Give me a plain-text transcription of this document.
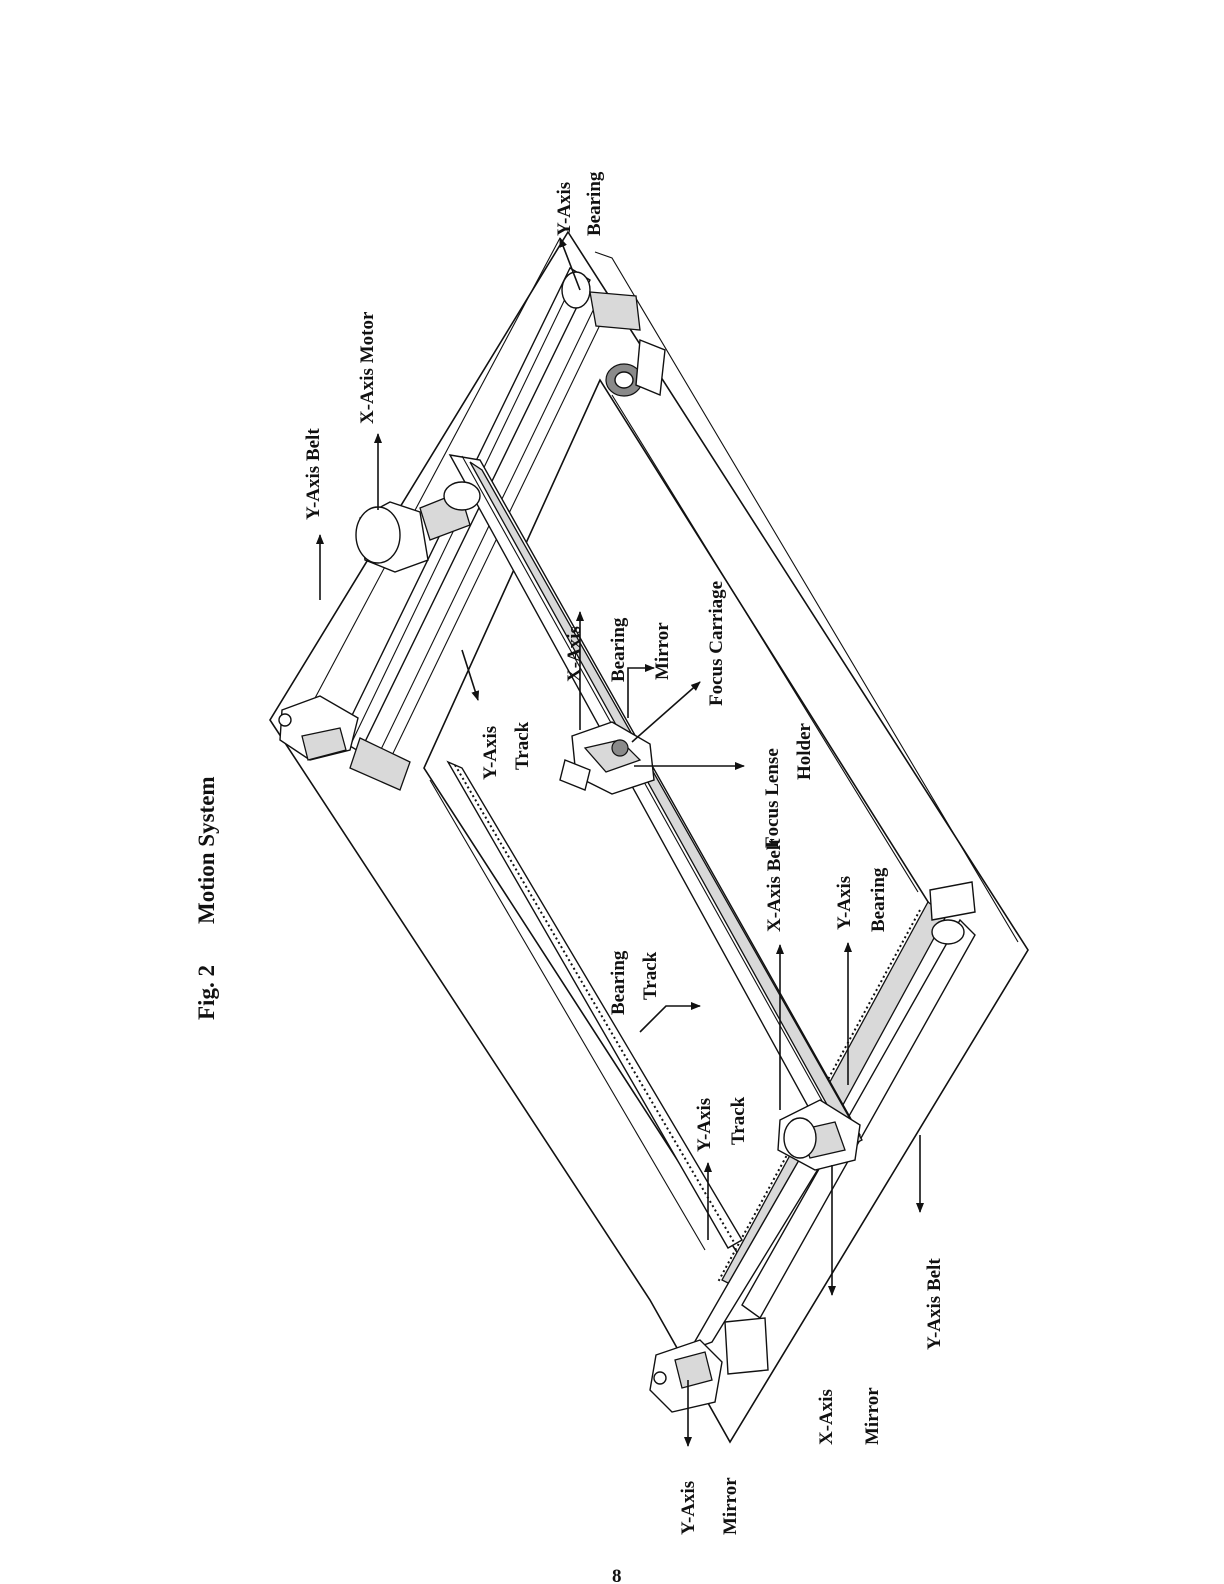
Fig. 2
Motion System
Y-Axis Bearing
X-Axis Motor
Y-Axis Belt
X-Axis Bearing Mirror Focus Carriage
Focus Lense Holder
Y-Axis Track
X-Axis Belt	Y-Axis Bearing
Bearing Track
Y-Axis Track
Y-Axis Belt
X-Axis Mirror
Y-Axis Mirror
8
